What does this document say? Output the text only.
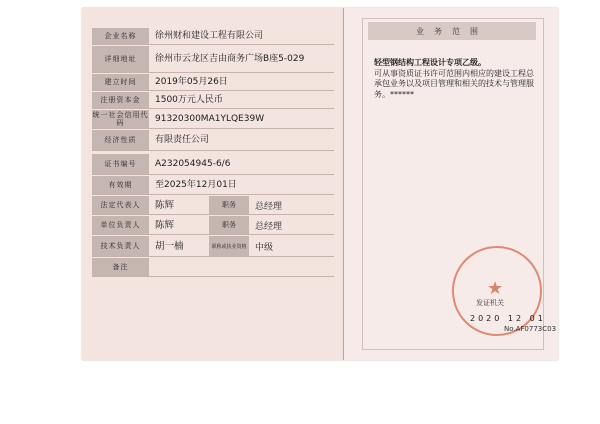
企业名称	徐州财和建设工程有限公司
详细地址	徐州市云龙区吉由商务广场B座5-029
建立时间	2019年05月26日
注册资本金	1500万元人民币
统一社会信用代码	91320300MA1YLQE39W
经济性质	有限责任公司
证书编号	A232054945-6/6
有效期	至2025年12月01日
法定代表人	陈辉	职务	总经理
单位负责人	陈辉	职务	总经理
技术负责人	胡一楠	职称或执业资格 中级
备注
业务范围
轻型钢结构工程设计专项乙级。
可从事资质证书许可范围内相应的建设工程总承包业务以及项目管理和相关的技术与管理服务。******
★
发证机关
2020 12 01
No.AF0773C03
